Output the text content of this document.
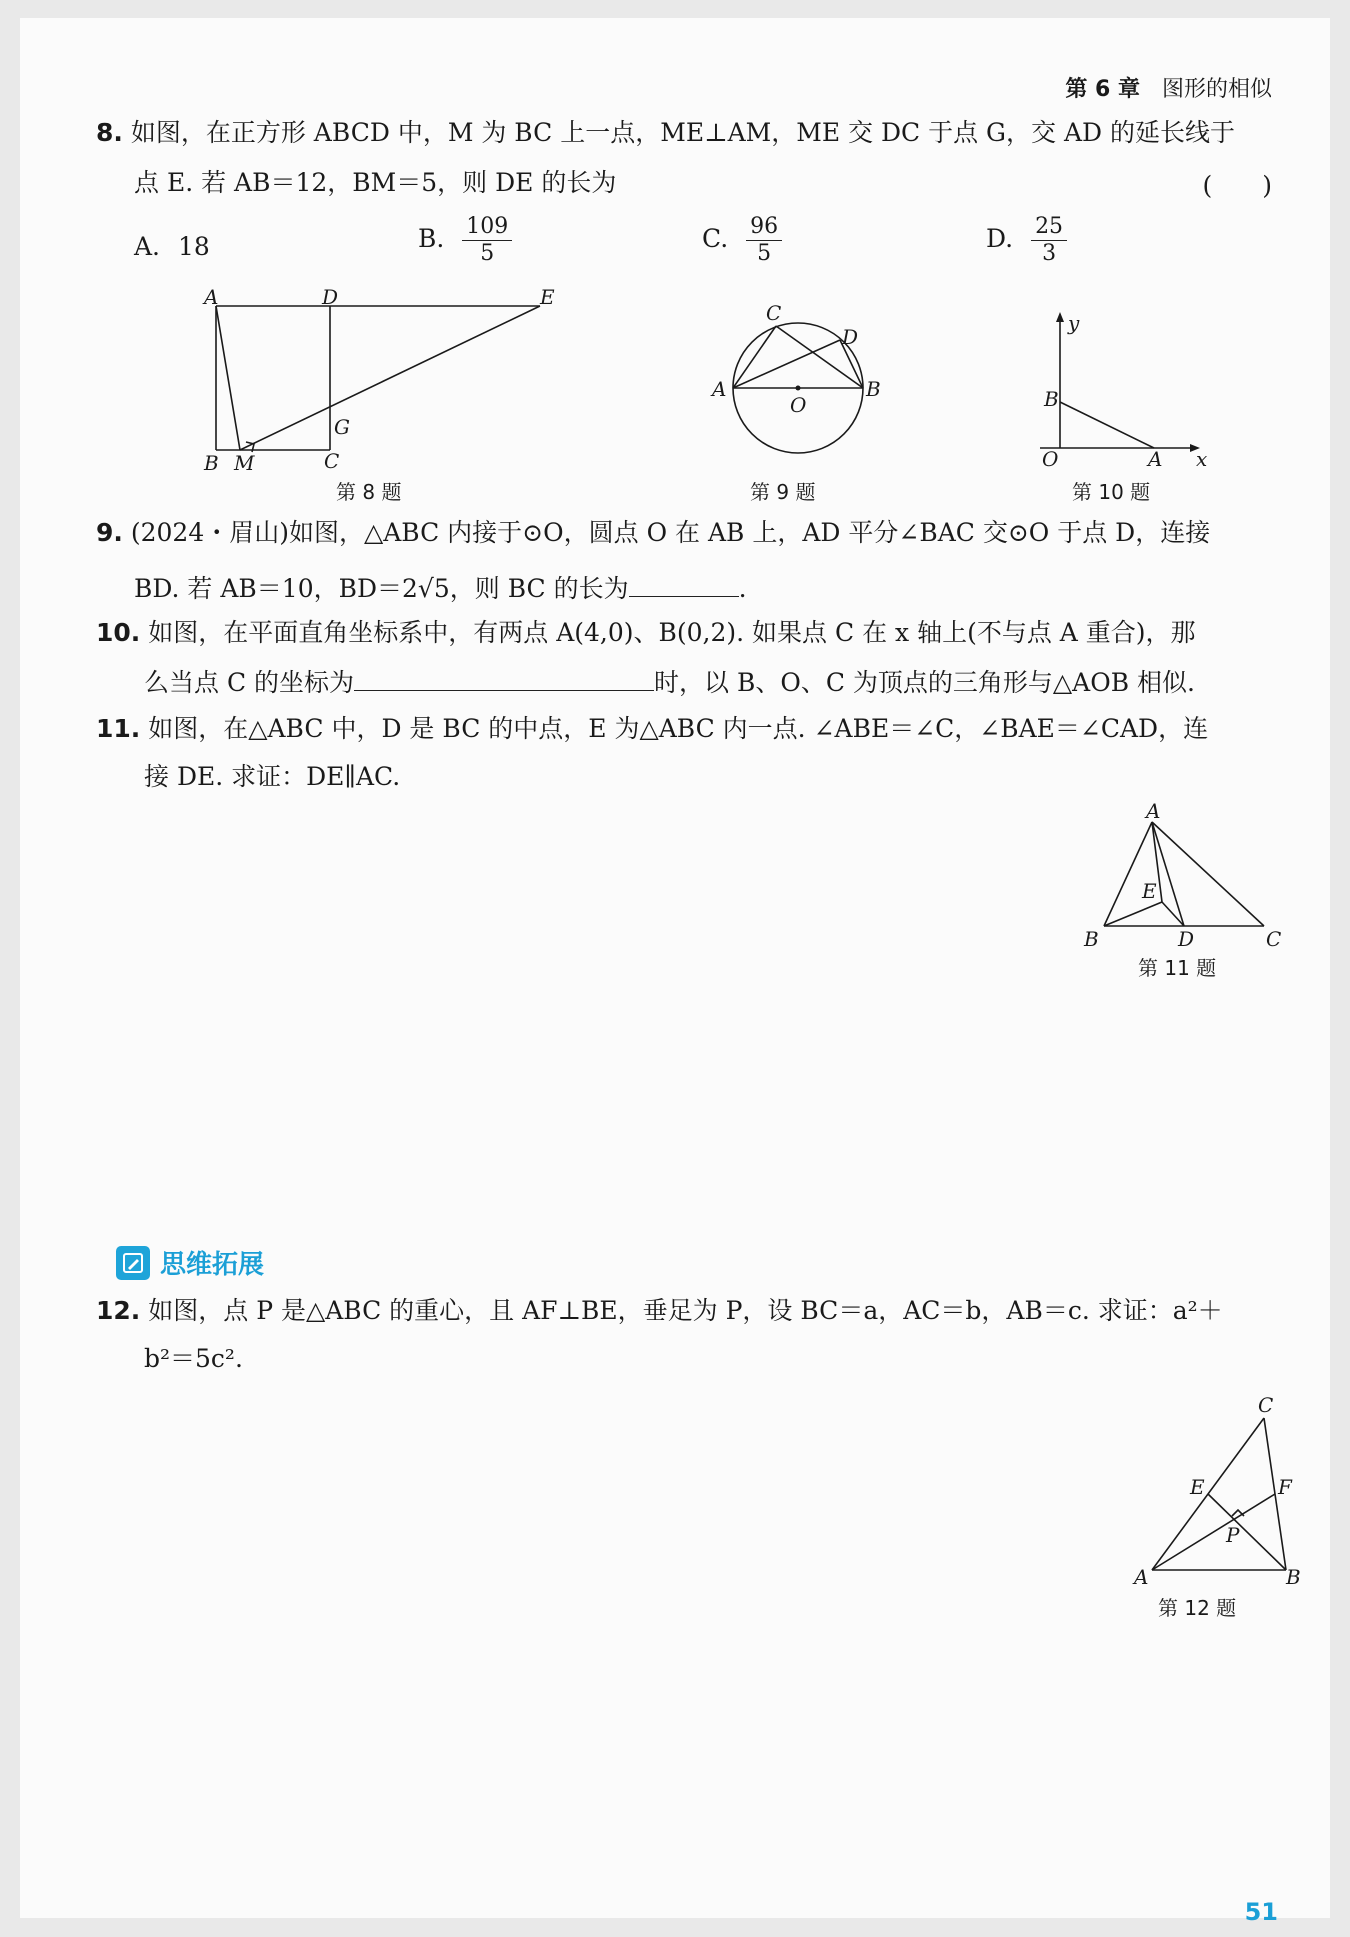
第 6 章 图形的相似
8. 如图，在正方形 ABCD 中，M 为 BC 上一点，ME⊥AM，ME 交 DC 于点 G，交 AD 的延长线于
点 E. 若 AB＝12，BM＝5，则 DE 的长为	(　　)
A. 18	B. $\frac{109}{5}$	C. $\frac{96}{5}$	D. $\frac{25}{3}$
A	D	E
B M	C
G
第 8 题
C
D
A
O
B
第 9 题
y
B
O	A x
第 10 题
9. (2024・眉山)如图，△ABC 内接于⊙O，圆点 O 在 AB 上，AD 平分∠BAC 交⊙O 于点 D，连接
BD. 若 AB＝10，BD＝2√5，则 BC 的长为	.
10. 如图，在平面直角坐标系中，有两点 A(4,0)、B(0,2). 如果点 C 在 x 轴上(不与点 A 重合)，那
么当点 C 的坐标为	时，以 B、O、C 为顶点的三角形与△AOB 相似.
11. 如图，在△ABC 中，D 是 BC 的中点，E 为△ABC 内一点. ∠ABE＝∠C，∠BAE＝∠CAD，连
接 DE. 求证：DE∥AC.
A
E
B	D	C
第 11 题
思维拓展
12. 如图，点 P 是△ABC 的重心，且 AF⊥BE，垂足为 P，设 BC＝a，AC＝b，AB＝c. 求证：a²＋
b²＝5c².
C
E	F
P
A	B
第 12 题
51
